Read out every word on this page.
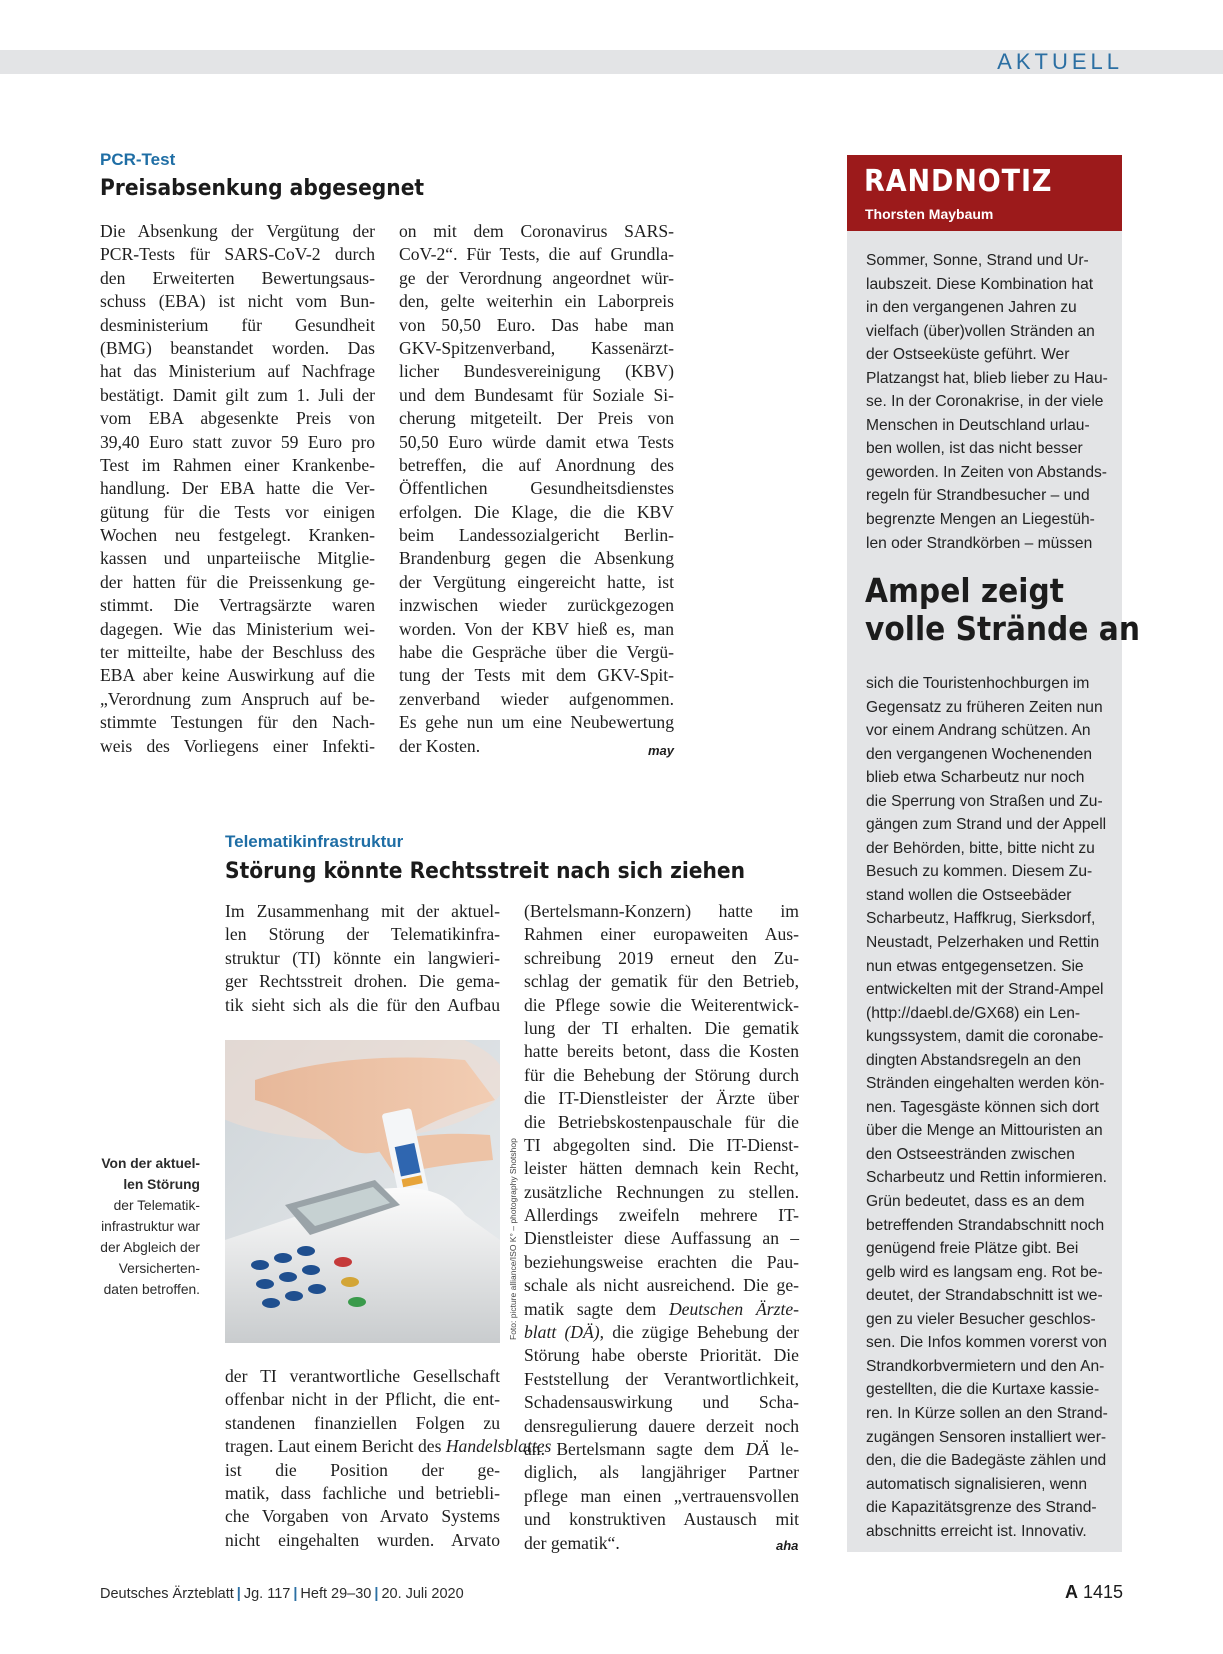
AKTUELL
PCR-Test
Preisabsenkung abgesegnet
Die Absenkung der Vergütung der
PCR-Tests für SARS-CoV-2 durch
den Erweiterten Bewertungsaus-
schuss (EBA) ist nicht vom Bun-
desministerium für Gesundheit
(BMG) beanstandet worden. Das
hat das Ministerium auf Nachfrage
bestätigt. Damit gilt zum 1. Juli der
vom EBA abgesenkte Preis von
39,40 Euro statt zuvor 59 Euro pro
Test im Rahmen einer Krankenbe-
handlung. Der EBA hatte die Ver-
gütung für die Tests vor einigen
Wochen neu festgelegt. Kranken-
kassen und unparteiische Mitglie-
der hatten für die Preissenkung ge-
stimmt. Die Vertragsärzte waren
dagegen. Wie das Ministerium wei-
ter mitteilte, habe der Beschluss des
EBA aber keine Auswirkung auf die
„Verordnung zum Anspruch auf be-
stimmte Testungen für den Nach-
weis des Vorliegens einer Infekti-
on mit dem Coronavirus SARS-
CoV-2“. Für Tests, die auf Grundla-
ge der Verordnung angeordnet wür-
den, gelte weiterhin ein Laborpreis
von 50,50 Euro. Das habe man
GKV-Spitzenverband, Kassenärzt-
licher Bundesvereinigung (KBV)
und dem Bundesamt für Soziale Si-
cherung mitgeteilt. Der Preis von
50,50 Euro würde damit etwa Tests
betreffen, die auf Anordnung des
Öffentlichen Gesundheitsdienstes
erfolgen. Die Klage, die die KBV
beim Landessozialgericht Berlin-
Brandenburg gegen die Absenkung
der Vergütung eingereicht hatte, ist
inzwischen wieder zurückgezogen
worden. Von der KBV hieß es, man
habe die Gespräche über die Vergü-
tung der Tests mit dem GKV-Spit-
zenverband wieder aufgenommen.
Es gehe nun um eine Neubewertung
der Kosten.	may
Telematikinfrastruktur
Störung könnte Rechtsstreit nach sich ziehen
Im Zusammenhang mit der aktuel-
len Störung der Telematikinfra-
struktur (TI) könnte ein langwieri-
ger Rechtsstreit drohen. Die gema-
tik sieht sich als die für den Aufbau
Foto: picture alliance/ISO K° – photography Shotshop
Von der aktuel-
len Störung
der Telematik-
infrastruktur war
der Abgleich der
Versicherten-
daten betroffen.
der TI verantwortliche Gesellschaft
offenbar nicht in der Pflicht, die ent-
standenen finanziellen Folgen zu
tragen. Laut einem Bericht des Handelsblattes
ist die Position der ge-
matik, dass fachliche und betriebli-
che Vorgaben von Arvato Systems
nicht eingehalten wurden. Arvato
(Bertelsmann-Konzern) hatte im
Rahmen einer europaweiten Aus-
schreibung 2019 erneut den Zu-
schlag der gematik für den Betrieb,
die Pflege sowie die Weiterentwick-
lung der TI erhalten. Die gematik
hatte bereits betont, dass die Kosten
für die Behebung der Störung durch
die IT-Dienstleister der Ärzte über
die Betriebskostenpauschale für die
TI abgegolten sind. Die IT-Dienst-
leister hätten demnach kein Recht,
zusätzliche Rechnungen zu stellen.
Allerdings zweifeln mehrere IT-
Dienstleister diese Auffassung an –
beziehungsweise erachten die Pau-
schale als nicht ausreichend. Die ge-
matik sagte dem Deutschen Ärzte-
blatt (DÄ), die zügige Behebung der
Störung habe oberste Priorität. Die
Feststellung der Verantwortlichkeit,
Schadensauswirkung und Scha-
densregulierung dauere derzeit noch
an. Bertelsmann sagte dem DÄ le-
diglich, als langjähriger Partner
pflege man einen „vertrauensvollen
und konstruktiven Austausch mit
der gematik“.	aha
RANDNOTIZ
Thorsten Maybaum
Sommer, Sonne, Strand und Ur-
laubszeit. Diese Kombination hat
in den vergangenen Jahren zu
vielfach (über)vollen Stränden an
der Ostseeküste geführt. Wer
Platzangst hat, blieb lieber zu Hau-
se. In der Coronakrise, in der viele
Menschen in Deutschland urlau-
ben wollen, ist das nicht besser
geworden. In Zeiten von Abstands-
regeln für Strandbesucher – und
begrenzte Mengen an Liegestüh-
len oder Strandkörben – müssen
Ampel zeigt
volle Strände an
sich die Touristenhochburgen im
Gegensatz zu früheren Zeiten nun
vor einem Andrang schützen. An
den vergangenen Wochenenden
blieb etwa Scharbeutz nur noch
die Sperrung von Straßen und Zu-
gängen zum Strand und der Appell
der Behörden, bitte, bitte nicht zu
Besuch zu kommen. Diesem Zu-
stand wollen die Ostseebäder
Scharbeutz, Haffkrug, Sierksdorf,
Neustadt, Pelzerhaken und Rettin
nun etwas entgegensetzen. Sie
entwickelten mit der Strand-Ampel
(http://daebl.de/GX68) ein Len-
kungssystem, damit die coronabe-
dingten Abstandsregeln an den
Stränden eingehalten werden kön-
nen. Tagesgäste können sich dort
über die Menge an Mittouristen an
den Ostseestränden zwischen
Scharbeutz und Rettin informieren.
Grün bedeutet, dass es an dem
betreffenden Strandabschnitt noch
genügend freie Plätze gibt. Bei
gelb wird es langsam eng. Rot be-
deutet, der Strandabschnitt ist we-
gen zu vieler Besucher geschlos-
sen. Die Infos kommen vorerst von
Strandkorbvermietern und den An-
gestellten, die die Kurtaxe kassie-
ren. In Kürze sollen an den Strand-
zugängen Sensoren installiert wer-
den, die die Badegäste zählen und
automatisch signalisieren, wenn
die Kapazitätsgrenze des Strand-
abschnitts erreicht ist. Innovativ.
Deutsches Ärzteblatt | Jg. 117 | Heft 29–30 | 20. Juli 2020	A 1415
